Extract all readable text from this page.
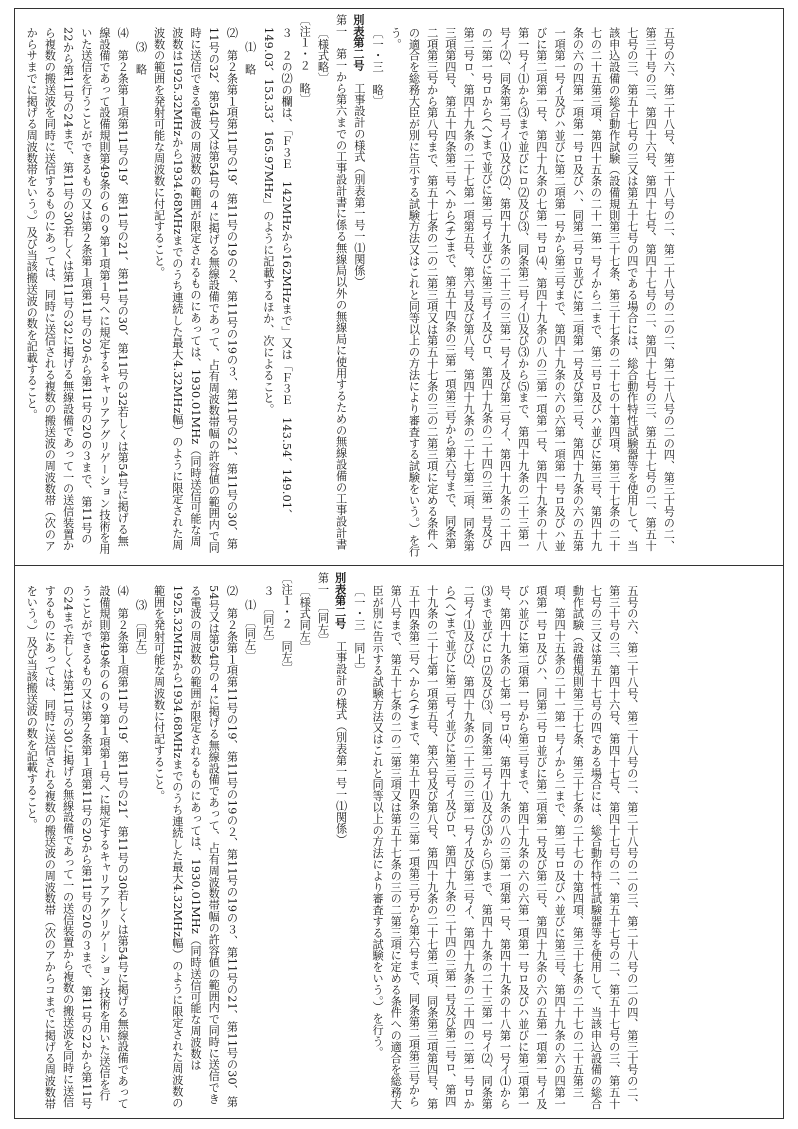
五号の六、第二十八号、第二十八号の二、第二十八号の二の二、第二十八号の二の四、第三十号の二、第三十号の三、第四十六号、第四十七号、第四十七号の二、第四十七号の三、第五十七号の二、第五十七号の三、第五十七号の三又は第五十七号の四である場合には、総合動作特性試験器等を使用して、当該申込設備の総合動作試験（設備規則第三十七条、第三十七条の二十七の十第四項、第三十七条の二十七の二十五第三項、第四十五条の二十一第一号イから二まで、第二号ロ及びハ並びに第三号、第四十九条の六の四第一項第一号ロ及びハ、同第二号ロ並びに第二項第一号及び第二号、第四十九条の六の五第一項第一号イ及びハ並びに第二項第一号から第三号まで、第四十九条の六の六第一項第一号ロ及びハ並びに第二項第一号、第四十九条の七第一号ロ⑷、第四十九条の八の三第一項第一号、第四十九条の十八第一号イ⑴から⑶まで並びにロ⑵及び⑶、同条第二号イ⑴及び⑶から⑸まで、第四十九条の二十三第一号イ⑵、同条第二号イ⑴及び⑵、第四十九条の二十三の三第一号イ及び第二号イ、第四十九条の二十四の二第一号ロから(へ)まで並びに第二号イ並びに第三号イ及びロ、第四十九条の二十四の三第一号及び第二号ロ、第四十九条の二十七第一項第五号、第六号及び第八号、第四十九条の二十七第二項、同条第三項第四号、第五十四条第二号へから(チ)まで、第五十四条の三第一項第三号から第六号まで、同条第二項第三号から第八号まで、第五十七条の二の二第三項又は第五十七条の三の二第三項に定める条件への適合を総務大臣が別に告示する試験方法又はこれと同等以上の方法により審査する試験をいう。）を行う。

〔一・三　略〕

別表第二号　工事設計の様式（別表第一号一⑴関係）

第一　第一から第六までの工事設計書に係る無線局以外の無線局に使用するための無線設備の工事設計書

〔様式略〕

〔注１・２　略〕

３　２の⑵の欄は、「Ｆ３Ｅ　142MHzから162MHzまで」又は「Ｆ３Ｅ　143.54、149.01、149.03、153.33、165.97MHz」のように記載するほか、次によること。

⑴　略

⑵　第２条第１項第11号の19、第11号の19の２、第11号の19の３、第11号の21、第11号の30、第11号の32、第54号又は第54号の４に掲げる無線設備であって、占有周波数帯幅の許容値の範囲内で同時に送信できる電波の周波数の範囲が限定されるものにあっては、1930.01MHz（同時送信可能な周波数は1925.32MHzから1934.68MHzまでのうち連続した最大4.32MHz幅）のように限定された周波数の範囲を発射可能な周波数に付記すること。

⑶　略

⑷　第２条第１項第11号の19、第11号の21、第11号の30、第11号の32若しくは第54号に掲げる無線設備であって設備規則第49条の６の９第１項第１号ヘに規定するキャリアアグリゲーション技術を用いた送信を行うことができるもの又は第２条第１項第11号の20から第11号の20の３まで、第11号の22から第11号の24まで、第11号の30若しくは第11号の32に掲げる無線設備であって一の送信装置から複数の搬送波を同時に送信するものにあっては、同時に送信される複数の搬送波の周波数帯（次のアからサまでに掲げる周波数帯をいう。）及び当該搬送波の数を記載すること。

五号の六、第二十八号、第二十八号の二、第二十八号の二の三、第二十八号の二の四、第三十号の二、第三十号の三、第四十六号、第四十七号、第四十七号の二、第五十七号の二、第五十七号の三、第五十七号の三又は第五十七号の四である場合には、総合動作特性試験器等を使用して、当該申込設備の総合動作試験（設備規則第三十七条、第三十七条の二十七の十第四項、第三十七条の二十七の二十五第三項、第四十五条の二十一第一号イから二まで、第二号ロ及びハ並びに第三号、第四十九条の六の四第一項第一号ロ及びハ、同第二号ロ並びに第二項第一号及び第二号、第四十九条の六の五第一項第一号イ及びハ並びに第二項第一号から第三号まで、第四十九条の六の六第一項第一号ロ及びハ並びに第二項第一号、第四十九条の七第一号ロ⑷、第四十九条の八の三第一項第一号、第四十九条の十八第一号イ⑴から⑶まで並びにロ⑵及び⑶、同条第二号イ⑴及び⑶から⑸まで、第四十九条の二十三第一号イ⑵、同条第二号イ⑴及び⑵、第四十九条の二十三の三第一号イ及び第二号イ、第四十九条の二十四の二第一号ロから(へ)まで並びに第二号イ並びに第三号イ及びロ、第四十九条の二十四の三第一号及び第二号ロ、第四十九条の二十七第一項第五号、第六号及び第八号、第四十九条の二十七第二項、同条第三項第四号、第五十四条第二号へから(チ)まで、第五十四条の三第一項第三号から第六号まで、同条第二項第三号から第八号まで、第五十七条の二の二第三項又は第五十七条の三の二第三項に定める条件への適合を総務大臣が別に告示する試験方法又はこれと同等以上の方法により審査する試験をいう。）を行う。

〔一・三　同上〕

別表第二号　工事設計の様式（別表第一号一⑴関係）

第一　〔同左〕

〔様式同左〕

〔注１・２　同左〕

３　〔同左〕

⑴　〔同左〕

⑵　第２条第１項第11号の19、第11号の19の２、第11号の19の３、第11号の21、第11号の30、第54号又は第54号の４に掲げる無線設備であって、占有周波数帯幅の許容値の範囲内で同時に送信できる電波の周波数の範囲が限定されるものにあっては、1930.01MHz（同時送信可能な周波数は1925.32MHzから1934.68MHzまでのうち連続した最大4.32MHz幅）のように限定された周波数の範囲を発射可能な周波数に付記すること。

⑶　〔同左〕

⑷　第２条第１項第11号の19、第11号の21、第11号の30若しくは第54号に掲げる無線設備であって設備規則第49条の６の９第１項第１号ヘに規定するキャリアアグリゲーション技術を用いた送信を行うことができるもの又は第２条第１項第11号の20から第11号の20の３まで、第11号の22から第11号の24まで若しくは第11号の30に掲げる無線設備であって一の送信装置から複数の搬送波を同時に送信するものにあっては、同時に送信される複数の搬送波の周波数帯（次のアからコまでに掲げる周波数帯をいう。）及び当該搬送波の数を記載すること。
